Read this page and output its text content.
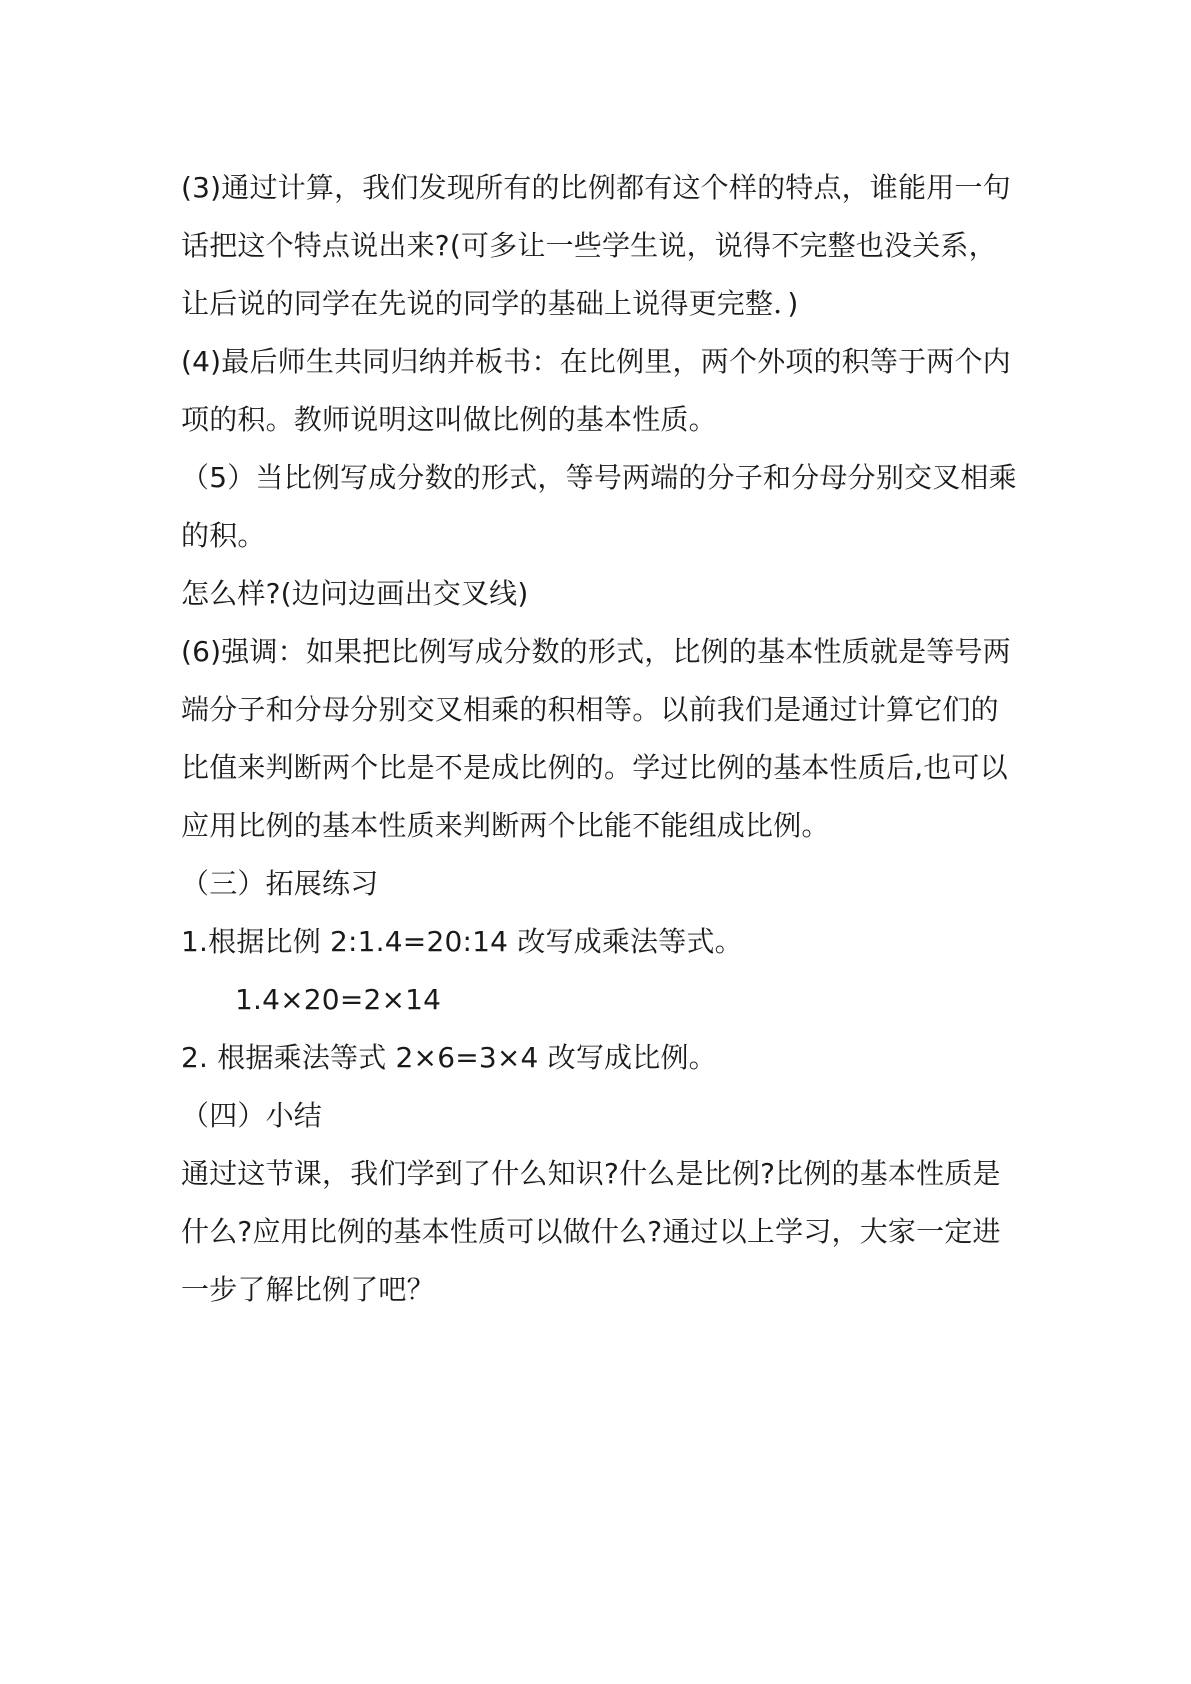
(3)通过计算，我们发现所有的比例都有这个样的特点，谁能用一句
话把这个特点说出来?(可多让一些学生说，说得不完整也没关系，
让后说的同学在先说的同学的基础上说得更完整．)
(4)最后师生共同归纳并板书：在比例里，两个外项的积等于两个内
项的积。教师说明这叫做比例的基本性质。
（5）当比例写成分数的形式，等号两端的分子和分母分别交叉相乘
的积。
怎么样?(边问边画出交叉线)
(6)强调：如果把比例写成分数的形式，比例的基本性质就是等号两
端分子和分母分别交叉相乘的积相等。以前我们是通过计算它们的
比值来判断两个比是不是成比例的。学过比例的基本性质后,也可以
应用比例的基本性质来判断两个比能不能组成比例。
（三）拓展练习
1.根据比例 2:1.4=20:14 改写成乘法等式。
1.4×20=2×14
2. 根据乘法等式 2×6=3×4 改写成比例。
（四）小结
通过这节课，我们学到了什么知识?什么是比例?比例的基本性质是
什么?应用比例的基本性质可以做什么?通过以上学习，大家一定进
一步了解比例了吧？
